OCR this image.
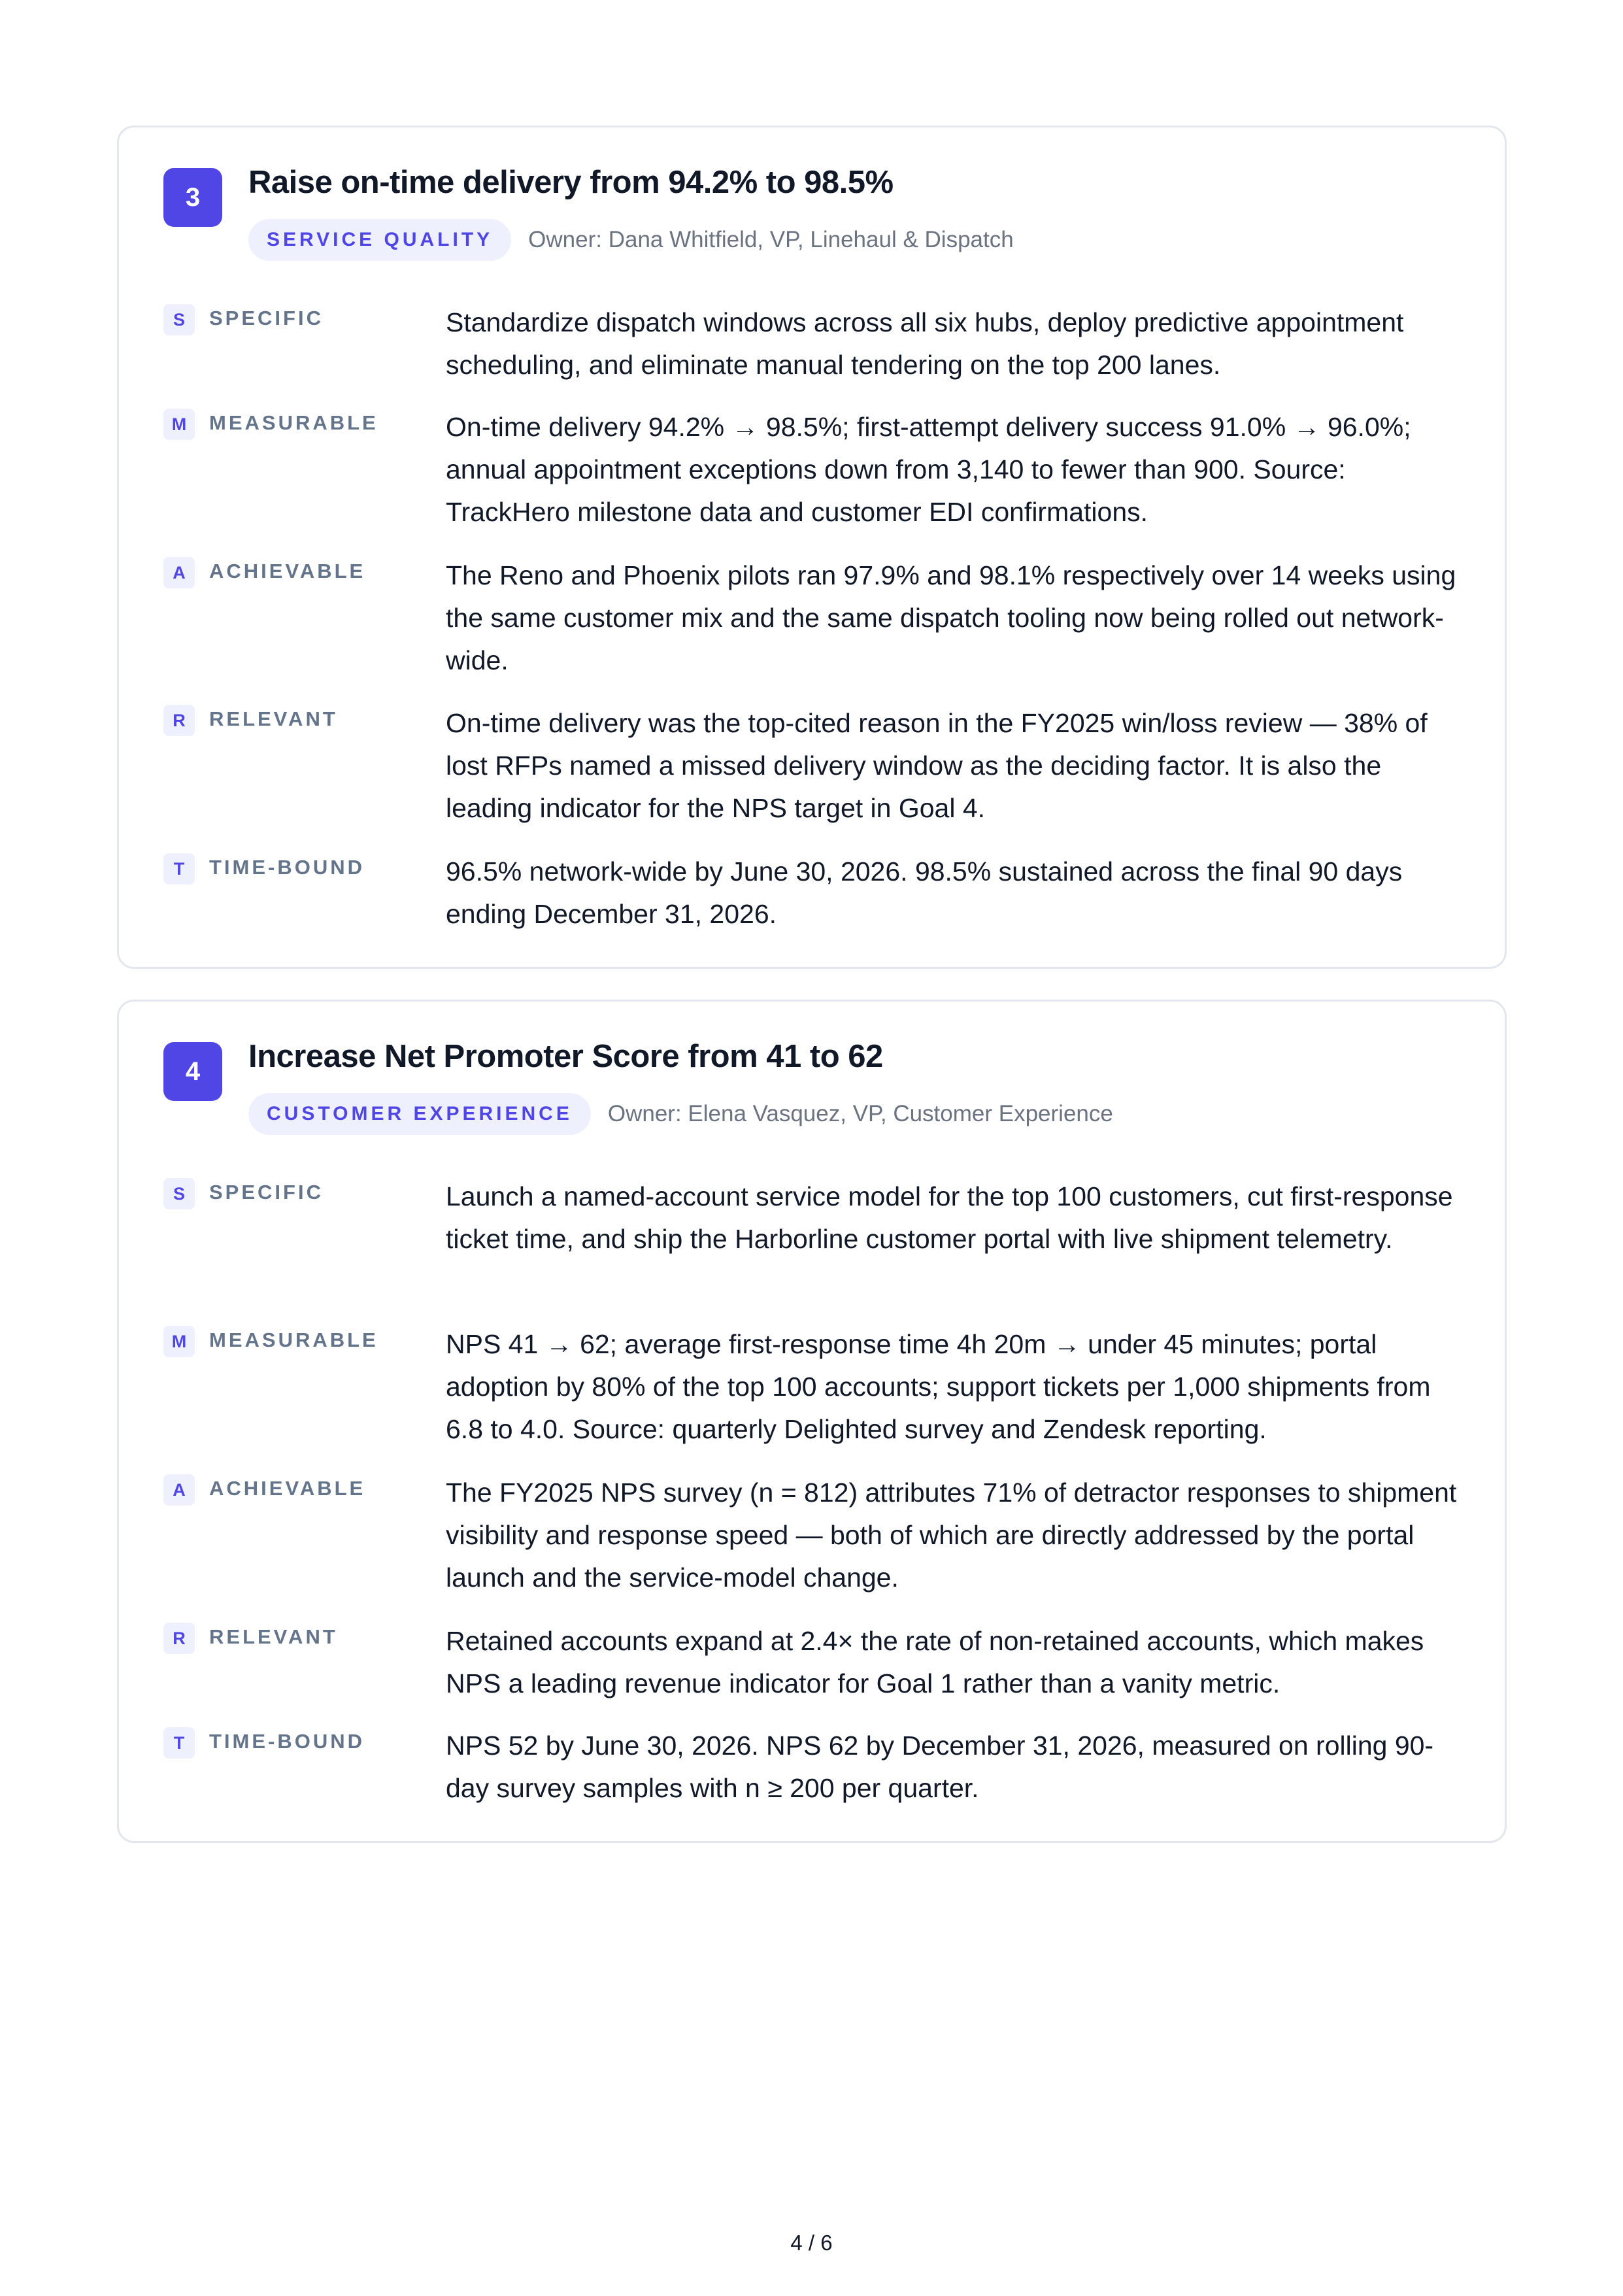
3	Raise on-time delivery from 94.2% to 98.5%
SERVICE QUALITY	Owner: Dana Whitfield, VP, Linehaul & Dispatch
S	SPECIFIC	Standardize dispatch windows across all six hubs, deploy predictive appointment scheduling, and eliminate manual tendering on the top 200 lanes.

M	MEASURABLE	On-time delivery 94.2% → 98.5%; first-attempt delivery success 91.0% → 96.0%; annual appointment exceptions down from 3,140 to fewer than 900. Source: TrackHero milestone data and customer EDI confirmations.

A	ACHIEVABLE	The Reno and Phoenix pilots ran 97.9% and 98.1% respectively over 14 weeks using the same customer mix and the same dispatch tooling now being rolled out network-wide.

R	RELEVANT	On-time delivery was the top-cited reason in the FY2025 win/loss review — 38% of lost RFPs named a missed delivery window as the deciding factor. It is also the leading indicator for the NPS target in Goal 4.

T	TIME-BOUND	96.5% network-wide by June 30, 2026. 98.5% sustained across the final 90 days ending December 31, 2026.

4	Increase Net Promoter Score from 41 to 62
CUSTOMER EXPERIENCE	Owner: Elena Vasquez, VP, Customer Experience
S	SPECIFIC	Launch a named-account service model for the top 100 customers, cut first-response ticket time, and ship the Harborline customer portal with live shipment telemetry.

M	MEASURABLE	NPS 41 → 62; average first-response time 4h 20m → under 45 minutes; portal adoption by 80% of the top 100 accounts; support tickets per 1,000 shipments from 6.8 to 4.0. Source: quarterly Delighted survey and Zendesk reporting.

A	ACHIEVABLE	The FY2025 NPS survey (n = 812) attributes 71% of detractor responses to shipment visibility and response speed — both of which are directly addressed by the portal launch and the service-model change.

R	RELEVANT	Retained accounts expand at 2.4× the rate of non-retained accounts, which makes NPS a leading revenue indicator for Goal 1 rather than a vanity metric.

T	TIME-BOUND	NPS 52 by June 30, 2026. NPS 62 by December 31, 2026, measured on rolling 90-day survey samples with n ≥ 200 per quarter.

4 / 6
